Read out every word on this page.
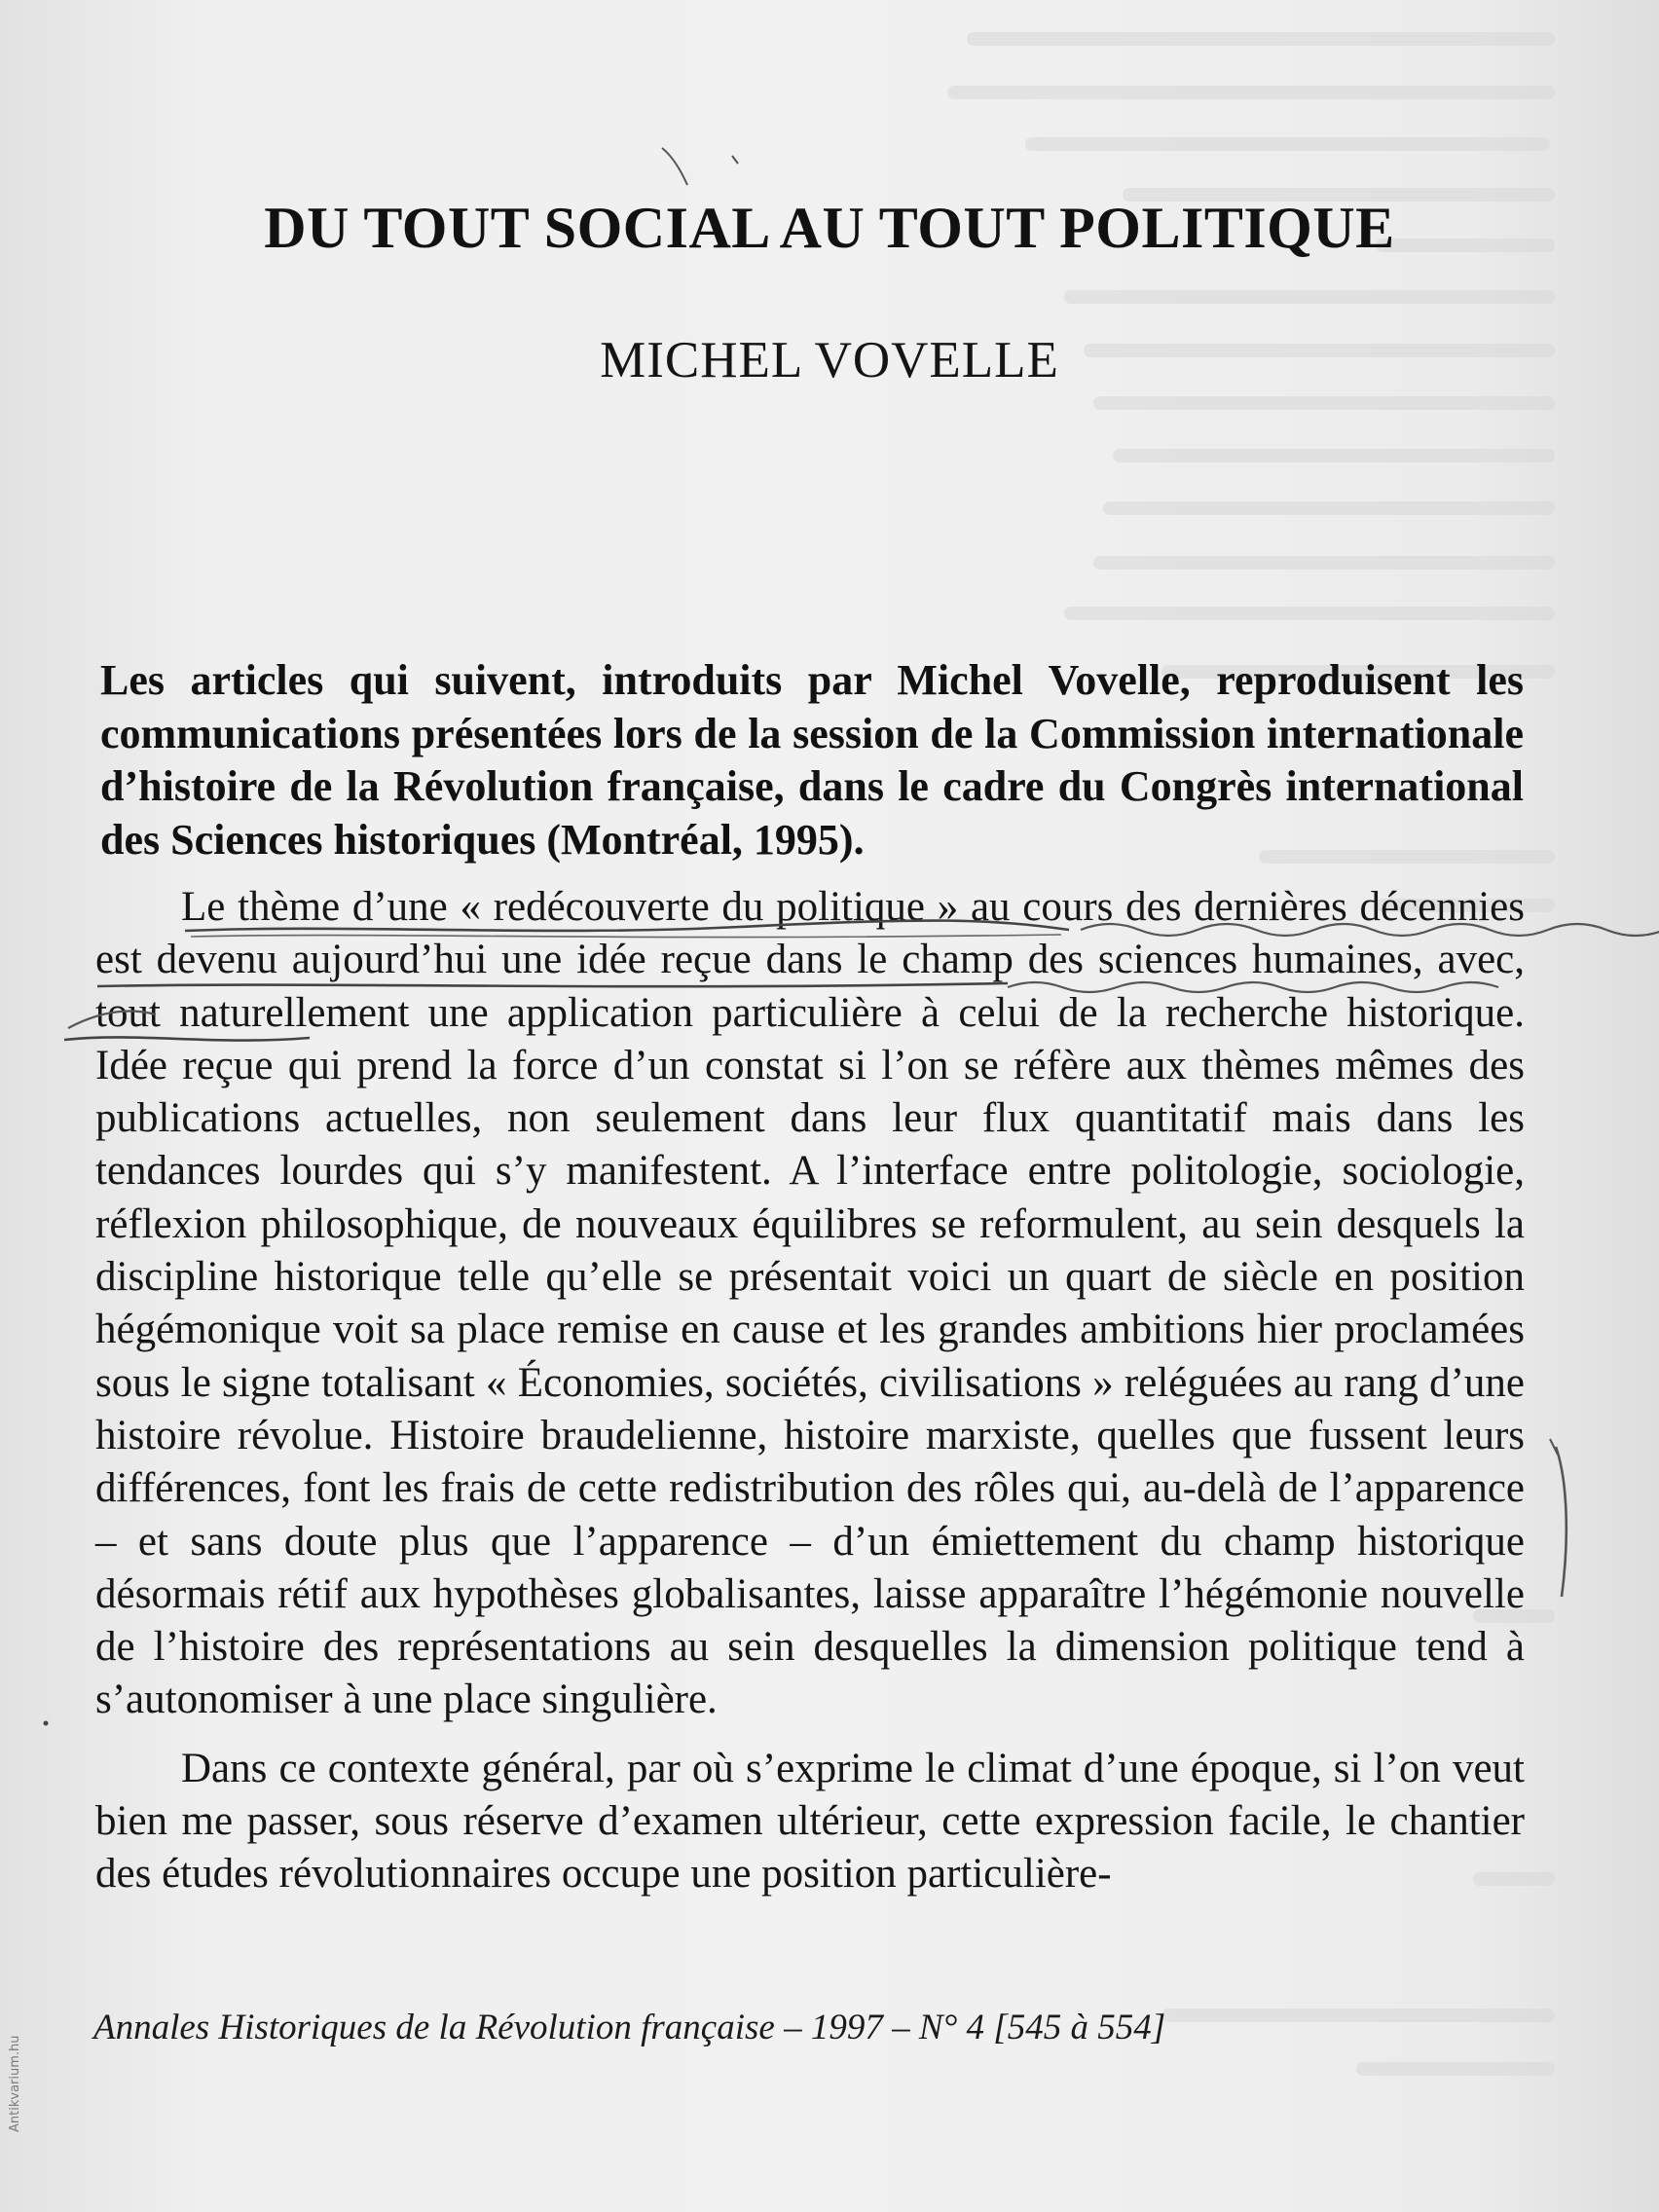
DU TOUT SOCIAL AU TOUT POLITIQUE
MICHEL VOVELLE
Les articles qui suivent, introduits par Michel Vovelle, reproduisent les communications présentées lors de la session de la Commission internationale d’histoire de la Révolution française, dans le cadre du Congrès international des Sciences historiques (Montréal, 1995).

Le thème d’une « redécouverte du politique » au cours des dernières décennies est devenu aujourd’hui une idée reçue dans le champ des sciences humaines, avec, tout naturellement une application particulière à celui de la recherche historique. Idée reçue qui prend la force d’un constat si l’on se réfère aux thèmes mêmes des publications actuelles, non seulement dans leur flux quantitatif mais dans les tendances lourdes qui s’y manifestent. A l’interface entre politologie, sociologie, réflexion philosophique, de nouveaux équilibres se reformulent, au sein desquels la discipline historique telle qu’elle se présentait voici un quart de siècle en position hégémonique voit sa place remise en cause et les grandes ambitions hier proclamées sous le signe totalisant « Économies, sociétés, civilisations » reléguées au rang d’une histoire révolue. Histoire braudelienne, histoire marxiste, quelles que fussent leurs différences, font les frais de cette redistribution des rôles qui, au-delà de l’apparence – et sans doute plus que l’apparence – d’un émiettement du champ historique désormais rétif aux hypothèses globalisantes, laisse apparaître l’hégémonie nouvelle de l’histoire des représentations au sein desquelles la dimension politique tend à s’autonomiser à une place singulière.

Dans ce contexte général, par où s’exprime le climat d’une époque, si l’on veut bien me passer, sous réserve d’examen ultérieur, cette expression facile, le chantier des études révolutionnaires occupe une position particulière-

Annales Historiques de la Révolution française – 1997 – N° 4 [545 à 554]
Antikvarium.hu
